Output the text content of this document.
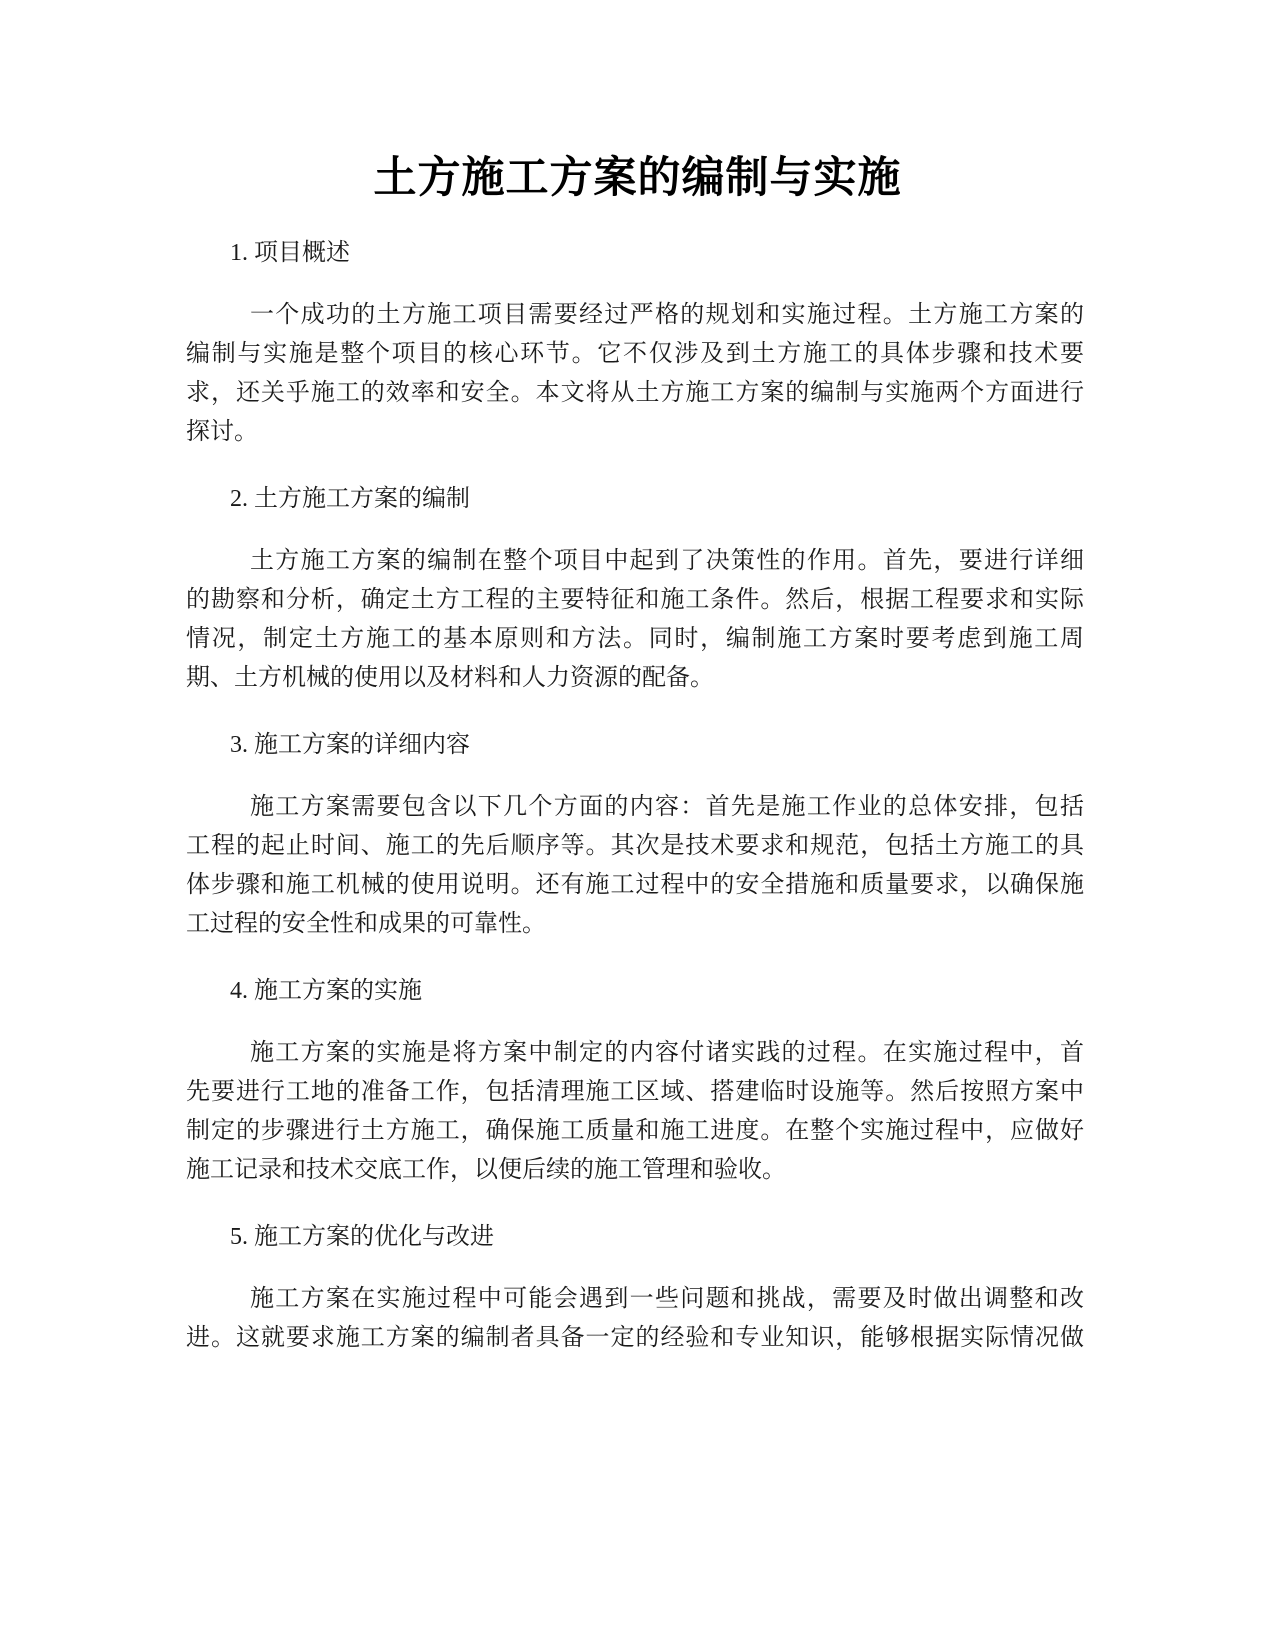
土方施工方案的编制与实施
1. 项目概述
一个成功的土方施工项目需要经过严格的规划和实施过程。土方施工方案的
编制与实施是整个项目的核心环节。它不仅涉及到土方施工的具体步骤和技术要
求，还关乎施工的效率和安全。本文将从土方施工方案的编制与实施两个方面进行
探讨。
2. 土方施工方案的编制
土方施工方案的编制在整个项目中起到了决策性的作用。首先，要进行详细
的勘察和分析，确定土方工程的主要特征和施工条件。然后，根据工程要求和实际
情况，制定土方施工的基本原则和方法。同时，编制施工方案时要考虑到施工周
期、土方机械的使用以及材料和人力资源的配备。
3. 施工方案的详细内容
施工方案需要包含以下几个方面的内容：首先是施工作业的总体安排，包括
工程的起止时间、施工的先后顺序等。其次是技术要求和规范，包括土方施工的具
体步骤和施工机械的使用说明。还有施工过程中的安全措施和质量要求，以确保施
工过程的安全性和成果的可靠性。
4. 施工方案的实施
施工方案的实施是将方案中制定的内容付诸实践的过程。在实施过程中，首
先要进行工地的准备工作，包括清理施工区域、搭建临时设施等。然后按照方案中
制定的步骤进行土方施工，确保施工质量和施工进度。在整个实施过程中，应做好
施工记录和技术交底工作，以便后续的施工管理和验收。
5. 施工方案的优化与改进
施工方案在实施过程中可能会遇到一些问题和挑战，需要及时做出调整和改
进。这就要求施工方案的编制者具备一定的经验和专业知识，能够根据实际情况做
